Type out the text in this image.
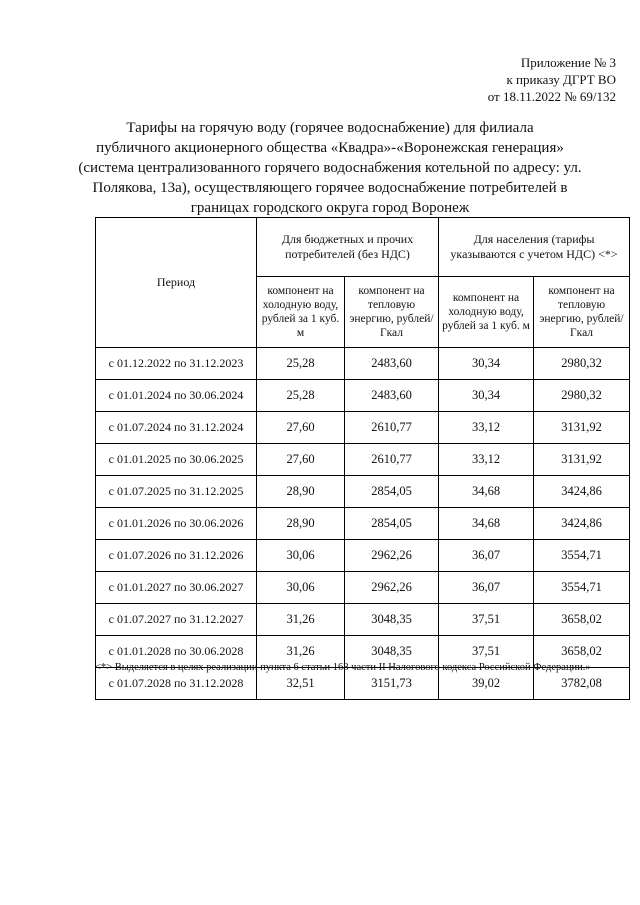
Приложение № 3
к приказу ДГРТ ВО
от 18.11.2022 № 69/132
Тарифы на горячую воду (горячее водоснабжение) для филиала
публичного акционерного общества «Квадра»-«Воронежская генерация»
(система централизованного горячего водоснабжения котельной по адресу: ул.
Полякова, 13а), осуществляющего горячее водоснабжение потребителей в
границах городского округа город Воронеж
Период	Для бюджетных и прочих потребителей (без НДС)		Для населения (тарифы указываются с учетом НДС) <*>	
	компонент на холодную воду, рублей за 1 куб. м	компонент на тепловую энергию, рублей/Гкал	компонент на холодную воду, рублей за 1 куб. м	компонент на тепловую энергию, рублей/Гкал
с 01.12.2022 по 31.12.2023	25,28	2483,60	30,34	2980,32
с 01.01.2024 по 30.06.2024	25,28	2483,60	30,34	2980,32
с 01.07.2024 по 31.12.2024	27,60	2610,77	33,12	3131,92
с 01.01.2025 по 30.06.2025	27,60	2610,77	33,12	3131,92
с 01.07.2025 по 31.12.2025	28,90	2854,05	34,68	3424,86
с 01.01.2026 по 30.06.2026	28,90	2854,05	34,68	3424,86
с 01.07.2026 по 31.12.2026	30,06	2962,26	36,07	3554,71
с 01.01.2027 по 30.06.2027	30,06	2962,26	36,07	3554,71
с 01.07.2027 по 31.12.2027	31,26	3048,35	37,51	3658,02
с 01.01.2028 по 30.06.2028	31,26	3048,35	37,51	3658,02
с 01.07.2028 по 31.12.2028	32,51	3151,73	39,02	3782,08
<*> Выделяется в целях реализации пункта 6 статьи 168 части II Налогового кодекса Российской Федерации.»
